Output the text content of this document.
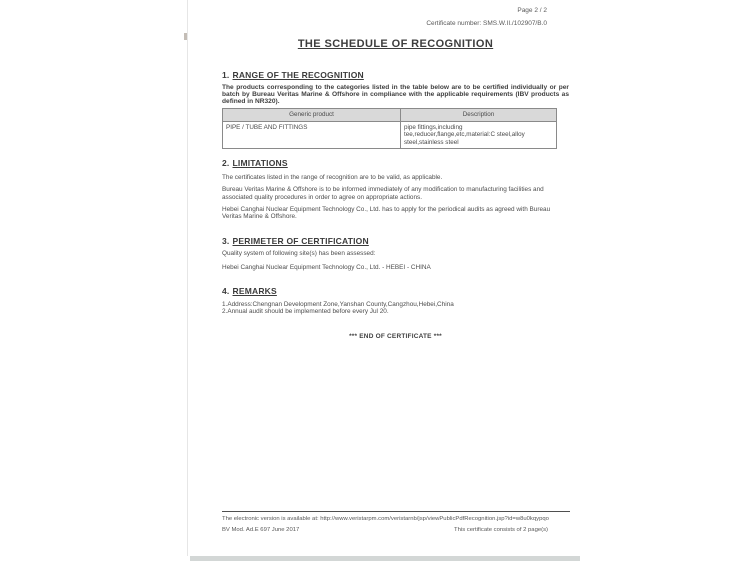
Page 2 / 2
Certificate number: SMS.W.II./102907/B.0
THE SCHEDULE OF RECOGNITION
1. RANGE OF THE RECOGNITION
The products corresponding to the categories listed in the table below are to be certified individually or per batch by Bureau Veritas Marine & Offshore in compliance with the applicable requirements (IBV products as defined in NR320).
Generic product	Description
PIPE / TUBE AND FITTINGS	pipe fittings,including tee,reducer,flange,etc,material:C steel,alloy steel,stainless steel
2. LIMITATIONS
The certificates listed in the range of recognition are to be valid, as applicable.
Bureau Veritas Marine & Offshore is to be informed immediately of any modification to manufacturing facilities and associated quality procedures in order to agree on appropriate actions.
Hebei Canghai Nuclear Equipment Technology Co., Ltd. has to apply for the periodical audits as agreed with Bureau Veritas Marine & Offshore.
3. PERIMETER OF CERTIFICATION
Quality system of following site(s) has been assessed:
Hebei Canghai Nuclear Equipment Technology Co., Ltd. - HEBEI - CHINA
4. REMARKS
1.Address:Chengnan Development Zone,Yanshan County,Cangzhou,Hebei,China
2.Annual audit should be implemented before every Jul 20.
*** END OF CERTIFICATE ***
The electronic version is available at: http://www.veristarpm.com/veristarnb/jsp/viewPublicPdfRecognition.jsp?id=w8u0kqypqo
BV Mod. Ad.E 697 June 2017	This certificate consists of 2 page(s)
